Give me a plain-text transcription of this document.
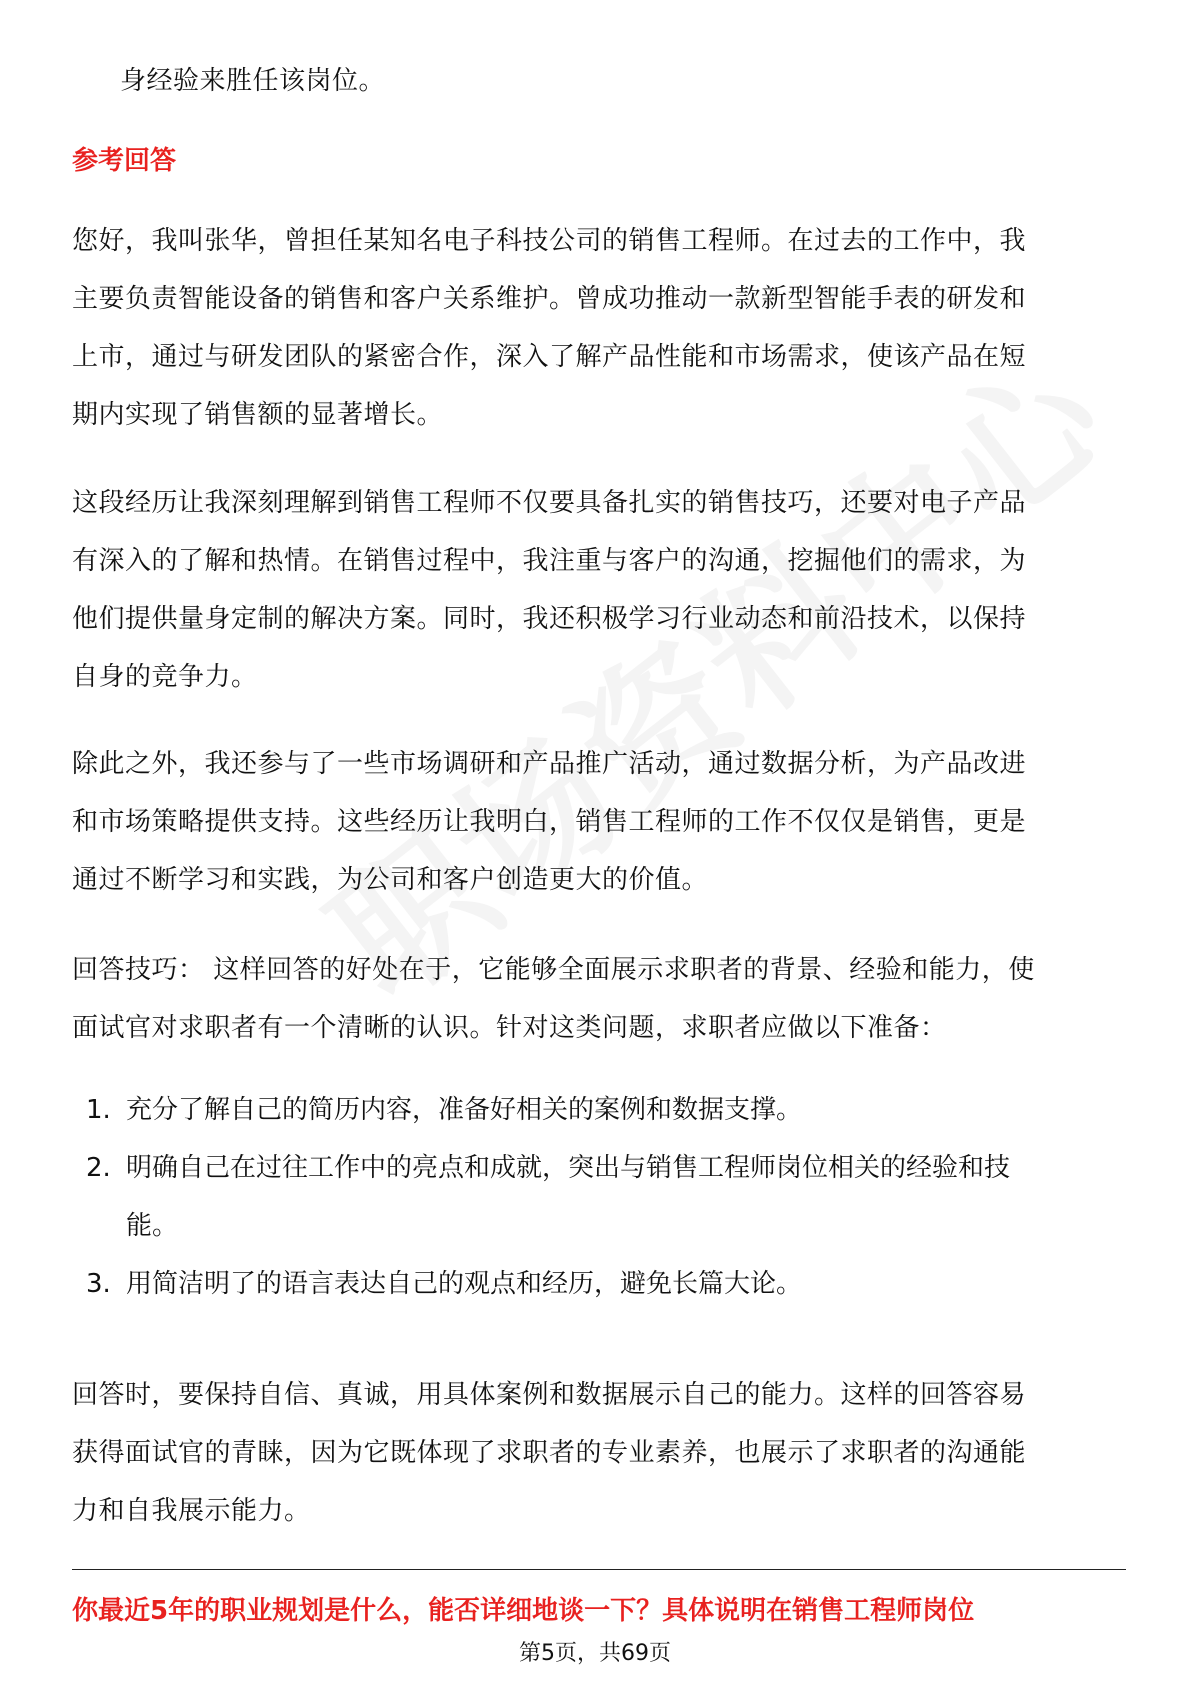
身经验来胜任该岗位。

参考回答

您好，我叫张华，曾担任某知名电子科技公司的销售工程师。在过去的工作中，我
主要负责智能设备的销售和客户关系维护。曾成功推动一款新型智能手表的研发和
上市，通过与研发团队的紧密合作，深入了解产品性能和市场需求，使该产品在短
期内实现了销售额的显著增长。

这段经历让我深刻理解到销售工程师不仅要具备扎实的销售技巧，还要对电子产品
有深入的了解和热情。在销售过程中，我注重与客户的沟通，挖掘他们的需求，为
他们提供量身定制的解决方案。同时，我还积极学习行业动态和前沿技术，以保持
自身的竞争力。

除此之外，我还参与了一些市场调研和产品推广活动，通过数据分析，为产品改进
和市场策略提供支持。这些经历让我明白，销售工程师的工作不仅仅是销售，更是
通过不断学习和实践，为公司和客户创造更大的价值。

回答技巧： 这样回答的好处在于，它能够全面展示求职者的背景、经验和能力，使
面试官对求职者有一个清晰的认识。针对这类问题，求职者应做以下准备：

1. 充分了解自己的简历内容，准备好相关的案例和数据支撑。
2. 明确自己在过往工作中的亮点和成就，突出与销售工程师岗位相关的经验和技
能。
3. 用简洁明了的语言表达自己的观点和经历，避免长篇大论。

回答时，要保持自信、真诚，用具体案例和数据展示自己的能力。这样的回答容易
获得面试官的青睐，因为它既体现了求职者的专业素养，也展示了求职者的沟通能
力和自我展示能力。

你最近5年的职业规划是什么，能否详细地谈一下？具体说明在销售工程师岗位

第5页，共69页
